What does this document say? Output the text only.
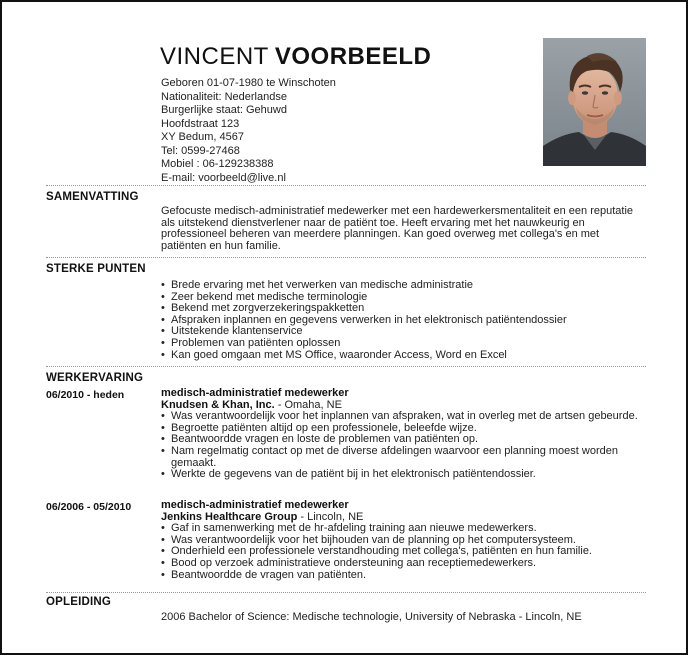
VINCENT VOORBEELD
Geboren 01-07-1980 te Winschoten
Nationaliteit: Nederlandse
Burgerlijke staat: Gehuwd
Hoofdstraat 123
XY Bedum, 4567
Tel: 0599-27468
Mobiel : 06-129238388
E-mail: voorbeeld@live.nl
SAMENVATTING
Gefocuste medisch-administratief medewerker met een hardewerkersmentaliteit en een reputatie als uitstekend dienstverlener naar de patiënt toe. Heeft ervaring met het nauwkeurig en professioneel beheren van meerdere planningen. Kan goed overweg met collega's en met patiënten en hun familie.
STERKE PUNTEN
• Brede ervaring met het verwerken van medische administratie
• Zeer bekend met medische terminologie
• Bekend met zorgverzekeringspakketten
• Afspraken inplannen en gegevens verwerken in het elektronisch patiëntendossier
• Uitstekende klantenservice
• Problemen van patiënten oplossen
• Kan goed omgaan met MS Office, waaronder Access, Word en Excel
WERKERVARING
06/2010 - heden	medisch-administratief medewerker
Knudsen & Khan, Inc. - Omaha, NE
• Was verantwoordelijk voor het inplannen van afspraken, wat in overleg met de artsen gebeurde.
• Begroette patiënten altijd op een professionele, beleefde wijze.
• Beantwoordde vragen en loste de problemen van patiënten op.
• Nam regelmatig contact op met de diverse afdelingen waarvoor een planning moest worden gemaakt.
• Werkte de gegevens van de patiënt bij in het elektronisch patiëntendossier.
06/2006 - 05/2010	medisch-administratief medewerker
Jenkins Healthcare Group - Lincoln, NE
• Gaf in samenwerking met de hr-afdeling training aan nieuwe medewerkers.
• Was verantwoordelijk voor het bijhouden van de planning op het computersysteem.
• Onderhield een professionele verstandhouding met collega's, patiënten en hun familie.
• Bood op verzoek administratieve ondersteuning aan receptiemedewerkers.
• Beantwoordde de vragen van patiënten.
OPLEIDING
2006 Bachelor of Science: Medische technologie, University of Nebraska - Lincoln, NE
